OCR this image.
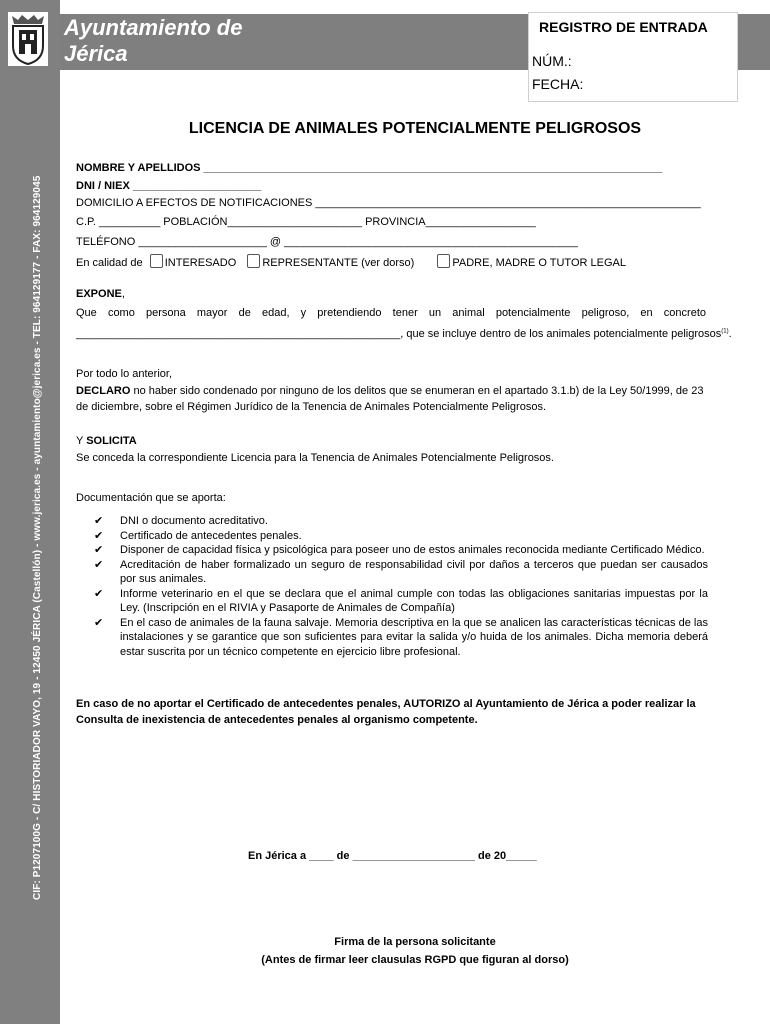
CIF: P1207100G - C/ HISTORIADOR VAYO, 19 - 12450 JÉRICA (Castellón) - www.jerica.es - ayuntamiento@jerica.es - TEL: 964129177 - FAX: 964129045
Ayuntamiento de
Jérica
REGISTRO DE ENTRADA
NÚM.:
FECHA:
LICENCIA DE ANIMALES POTENCIALMENTE PELIGROSOS
NOMBRE Y APELLIDOS ___________________________________________________________________________
DNI / NIEX _____________________
DOMICILIO A EFECTOS DE NOTIFICACIONES _______________________________________________________________
C.P. __________ POBLACIÓN______________________ PROVINCIA__________________
TELÉFONO _____________________ @ ________________________________________________
En calidad de INTERESADO REPRESENTANTE (ver dorso)	PADRE, MADRE O TUTOR LEGAL
EXPONE,
Que como persona mayor de edad, y pretendiendo tener un animal potencialmente peligroso, en concreto
_____________________________________________________, que se incluye dentro de los animales potencialmente peligrosos$^{(1)}$.
Por todo lo anterior,
DECLARO no haber sido condenado por ninguno de los delitos que se enumeran en el apartado 3.1.b) de la Ley 50/1999, de 23
de diciembre, sobre el Régimen Jurídico de la Tenencia de Animales Potencialmente Peligrosos.
Y SOLICITA
Se conceda la correspondiente Licencia para la Tenencia de Animales Potencialmente Peligrosos.
Documentación que se aporta:
✔ DNI o documento acreditativo.
✔ Certificado de antecedentes penales.
✔ Disponer de capacidad física y psicológica para poseer uno de estos animales reconocida mediante Certificado Médico.
✔ Acreditación de haber formalizado un seguro de responsabilidad civil por daños a terceros que puedan ser causados por sus animales.
✔ Informe veterinario en el que se declara que el animal cumple con todas las obligaciones sanitarias impuestas por la Ley. (Inscripción en el RIVIA y Pasaporte de Animales de Compañía)
✔ En el caso de animales de la fauna salvaje. Memoria descriptiva en la que se analicen las características técnicas de las instalaciones y se garantice que son suficientes para evitar la salida y/o huida de los animales. Dicha memoria deberá estar suscrita por un técnico competente en ejercicio libre profesional.
En caso de no aportar el Certificado de antecedentes penales, AUTORIZO al Ayuntamiento de Jérica a poder realizar la
Consulta de inexistencia de antecedentes penales al organismo competente.
En Jérica a ____ de ____________________ de 20_____
Firma de la persona solicitante
(Antes de firmar leer clausulas RGPD que figuran al dorso)
